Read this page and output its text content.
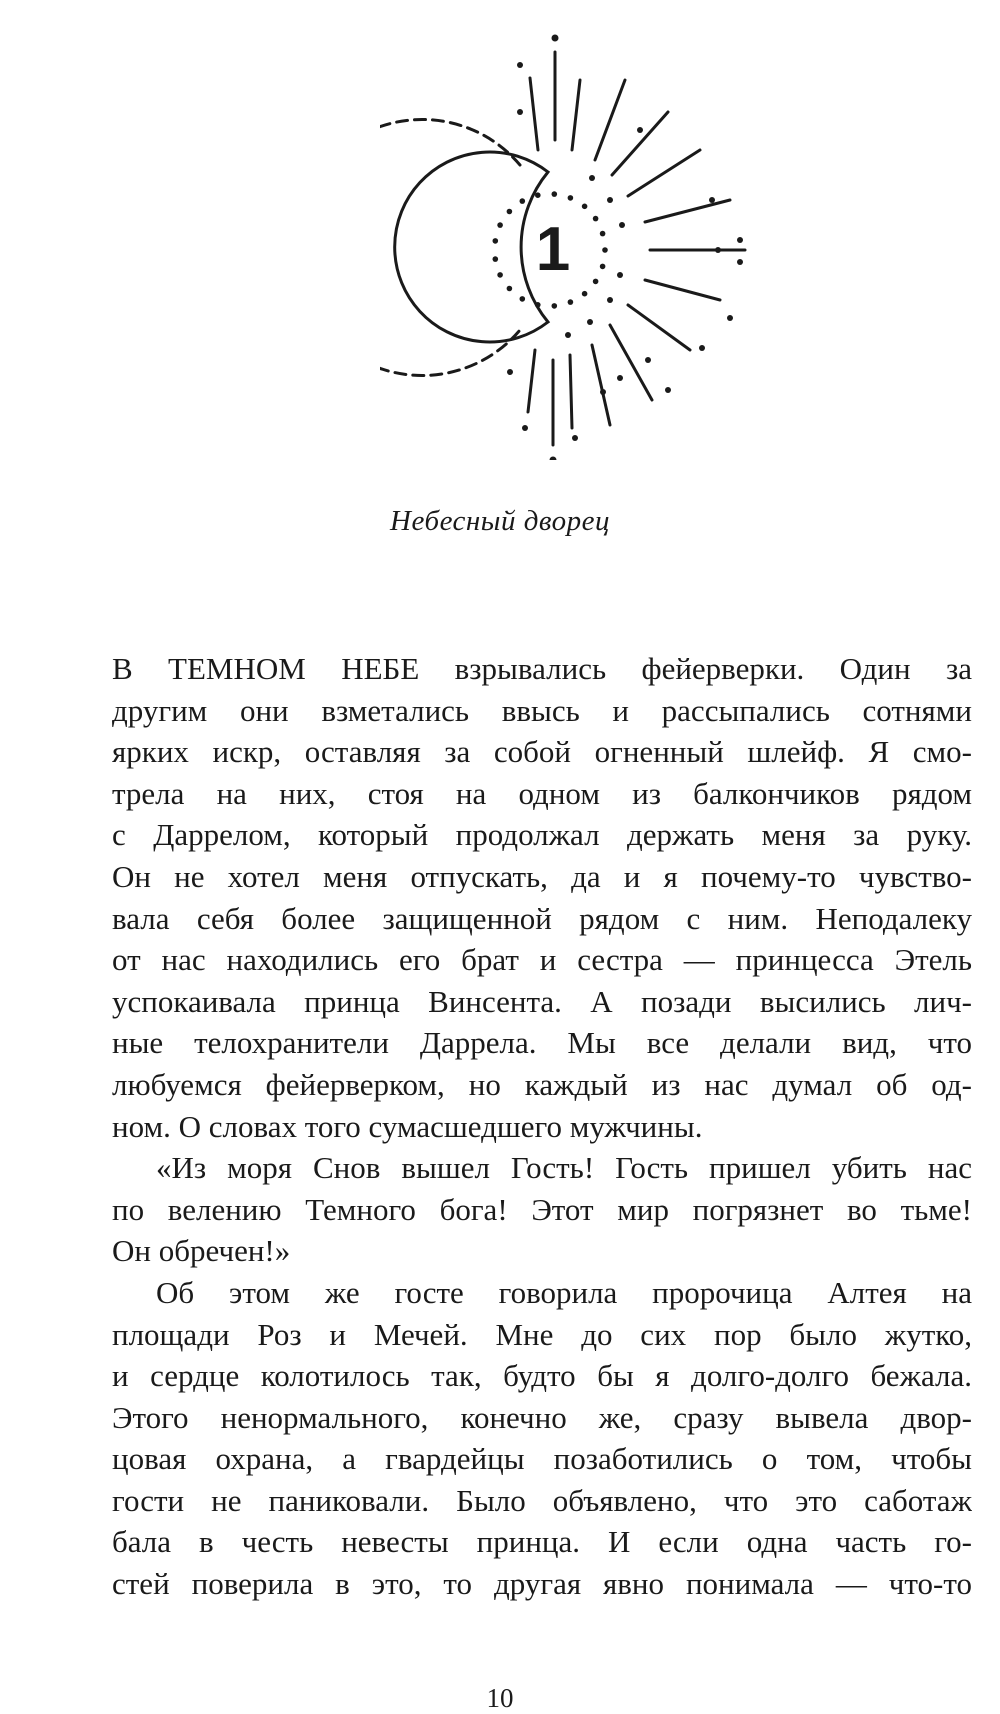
1
Небесный дворец
В ТЕМНОМ НЕБЕ взрывались фейерверки. Один за
другим они взметались ввысь и рассыпались сотнями
ярких искр, оставляя за собой огненный шлейф. Я смо-
трела на них, стоя на одном из балкончиков рядом
с Даррелом, который продолжал держать меня за руку.
Он не хотел меня отпускать, да и я почему-то чувство-
вала себя более защищенной рядом с ним. Неподалеку
от нас находились его брат и сестра — принцесса Этель
успокаивала принца Винсента. А позади высились лич-
ные телохранители Даррела. Мы все делали вид, что
любуемся фейерверком, но каждый из нас думал об од-
ном. О словах того сумасшедшего мужчины.
«Из моря Снов вышел Гость! Гость пришел убить нас
по велению Темного бога! Этот мир погрязнет во тьме!
Он обречен!»
Об этом же госте говорила пророчица Алтея на
площади Роз и Мечей. Мне до сих пор было жутко,
и сердце колотилось так, будто бы я долго-долго бежала.
Этого ненормального, конечно же, сразу вывела двор-
цовая охрана, а гвардейцы позаботились о том, чтобы
гости не паниковали. Было объявлено, что это саботаж
бала в честь невесты принца. И если одна часть го-
стей поверила в это, то другая явно понимала — что-то
10
